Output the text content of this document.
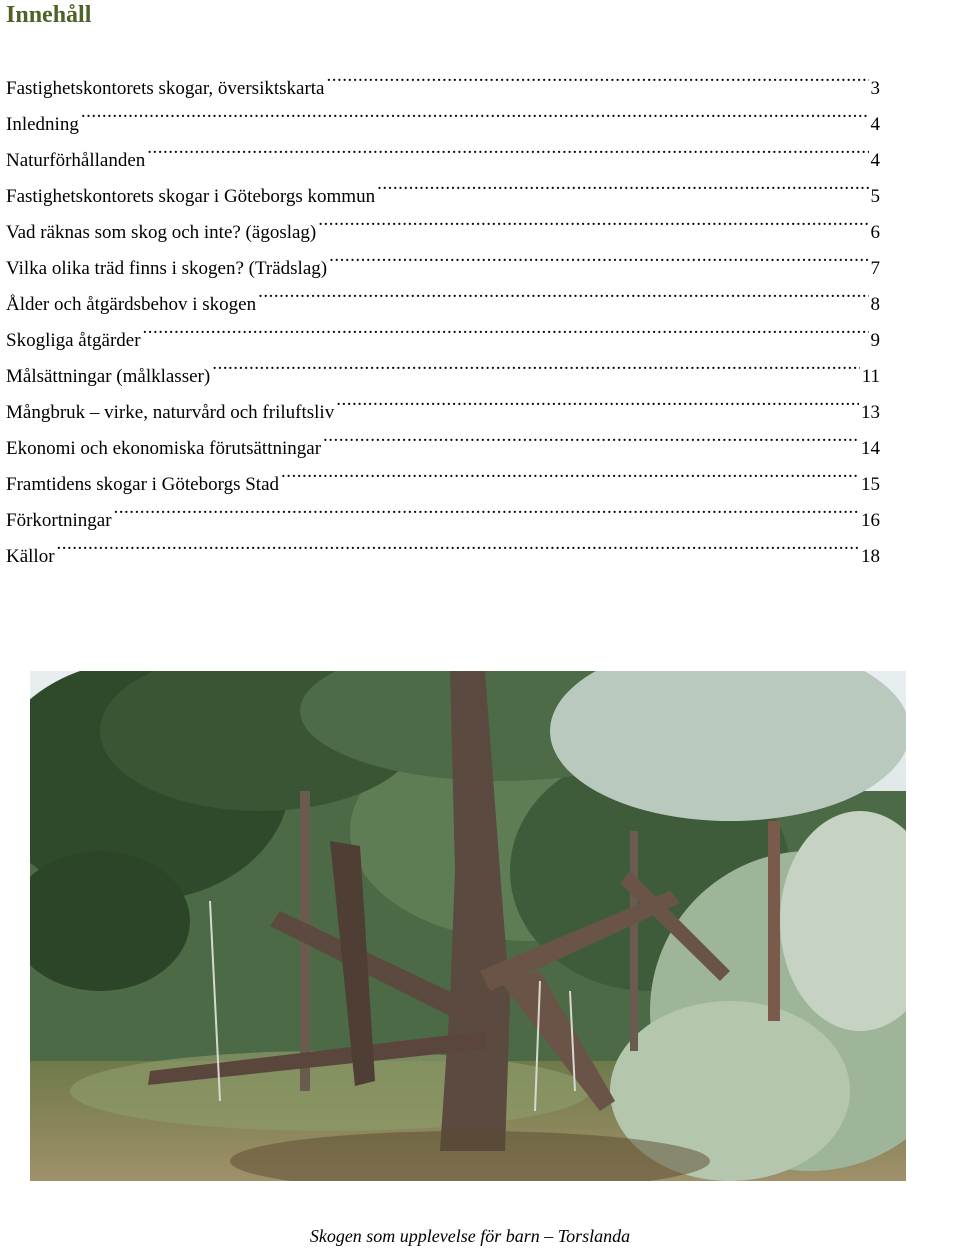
Innehåll
Fastighetskontorets skogar, översiktskarta .....	3
Inledning .....	4
Naturförhållanden .....	4
Fastighetskontorets skogar i Göteborgs kommun .....	5
Vad räknas som skog och inte? (ägoslag) .....	6
Vilka olika träd finns i skogen? (Trädslag) .....	7
Ålder och åtgärdsbehov i skogen .....	8
Skogliga åtgärder .....	9
Målsättningar (målklasser) .....	11
Mångbruk – virke, naturvård och friluftsliv .....	13
Ekonomi och ekonomiska förutsättningar .....	14
Framtidens skogar i Göteborgs Stad .....	15
Förkortningar .....	16
Källor .....	18

Skogen som upplevelse för barn – Torslanda
